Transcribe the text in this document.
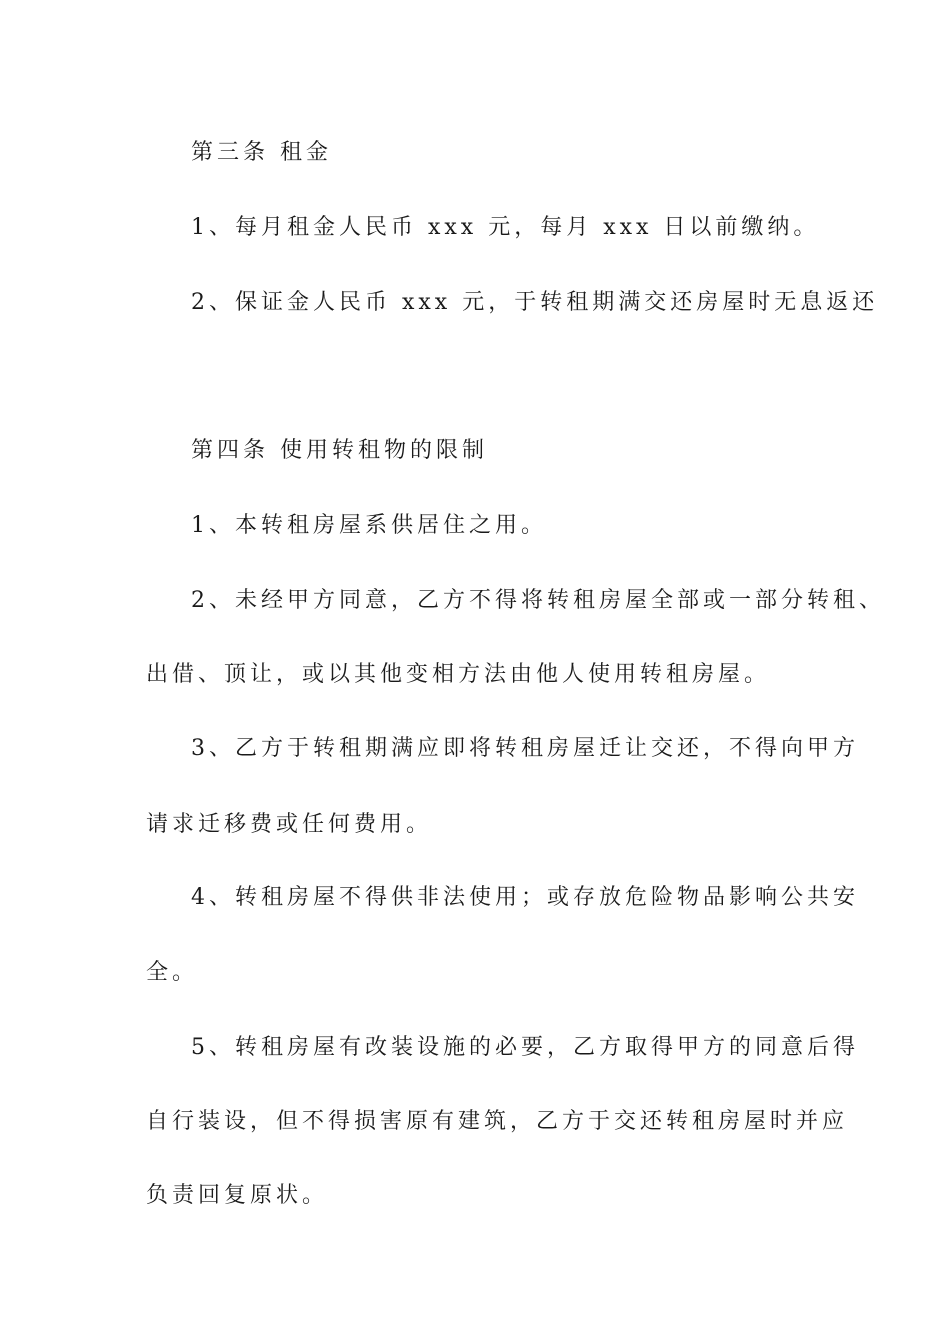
第三条 租金
1、每月租金人民币 xxx 元，每月 xxx 日以前缴纳。
2、保证金人民币 xxx 元，于转租期满交还房屋时无息返还
第四条 使用转租物的限制
1、本转租房屋系供居住之用。
2、未经甲方同意，乙方不得将转租房屋全部或一部分转租、
出借、顶让，或以其他变相方法由他人使用转租房屋。
3、乙方于转租期满应即将转租房屋迁让交还，不得向甲方
请求迁移费或任何费用。
4、转租房屋不得供非法使用；或存放危险物品影响公共安
全。
5、转租房屋有改装设施的必要，乙方取得甲方的同意后得
自行装设，但不得损害原有建筑，乙方于交还转租房屋时并应
负责回复原状。
